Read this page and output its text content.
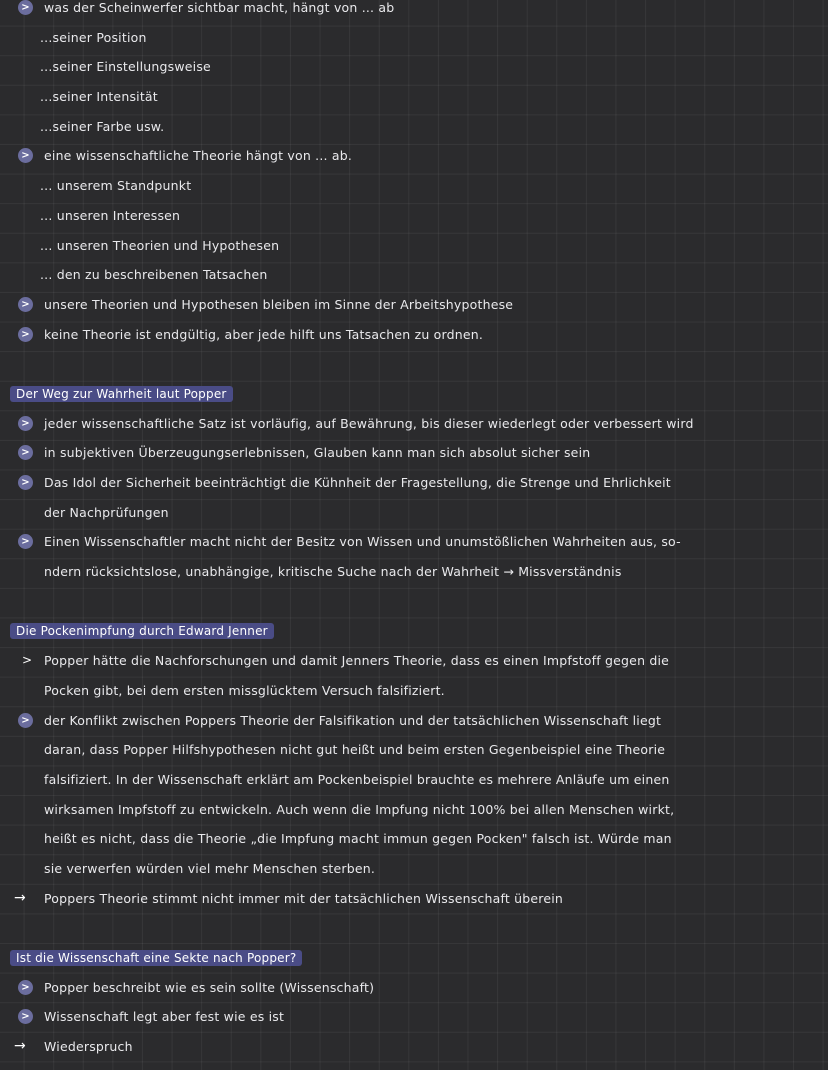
> was der Scheinwerfer sichtbar macht, hängt von ... ab
...seiner Position
...seiner Einstellungsweise
...seiner Intensität
...seiner Farbe usw.
> eine wissenschaftliche Theorie hängt von ... ab.
... unserem Standpunkt
... unseren Interessen
... unseren Theorien und Hypothesen
... den zu beschreibenen Tatsachen
> unsere Theorien und Hypothesen bleiben im Sinne der Arbeitshypothese
> keine Theorie ist endgültig, aber jede hilft uns Tatsachen zu ordnen.
Der Weg zur Wahrheit laut Popper
> jeder wissenschaftliche Satz ist vorläufig, auf Bewährung, bis dieser wiederlegt oder verbessert wird
> in subjektiven Überzeugungserlebnissen, Glauben kann man sich absolut sicher sein
> Das Idol der Sicherheit beeinträchtigt die Kühnheit der Fragestellung, die Strenge und Ehrlichkeit
der Nachprüfungen
> Einen Wissenschaftler macht nicht der Besitz von Wissen und unumstößlichen Wahrheiten aus, so-
ndern rücksichtslose, unabhängige, kritische Suche nach der Wahrheit → Missverständnis
Die Pockenimpfung durch Edward Jenner
> Popper hätte die Nachforschungen und damit Jenners Theorie, dass es einen Impfstoff gegen die
Pocken gibt, bei dem ersten missglücktem Versuch falsifiziert.
> der Konflikt zwischen Poppers Theorie der Falsifikation und der tatsächlichen Wissenschaft liegt
daran, dass Popper Hilfshypothesen nicht gut heißt und beim ersten Gegenbeispiel eine Theorie
falsifiziert. In der Wissenschaft erklärt am Pockenbeispiel brauchte es mehrere Anläufe um einen
wirksamen Impfstoff zu entwickeln. Auch wenn die Impfung nicht 100% bei allen Menschen wirkt,
heißt es nicht, dass die Theorie „die Impfung macht immun gegen Pocken" falsch ist. Würde man
sie verwerfen würden viel mehr Menschen sterben.
→ Poppers Theorie stimmt nicht immer mit der tatsächlichen Wissenschaft überein
Ist die Wissenschaft eine Sekte nach Popper?
> Popper beschreibt wie es sein sollte (Wissenschaft)
> Wissenschaft legt aber fest wie es ist
→ Wiederspruch
